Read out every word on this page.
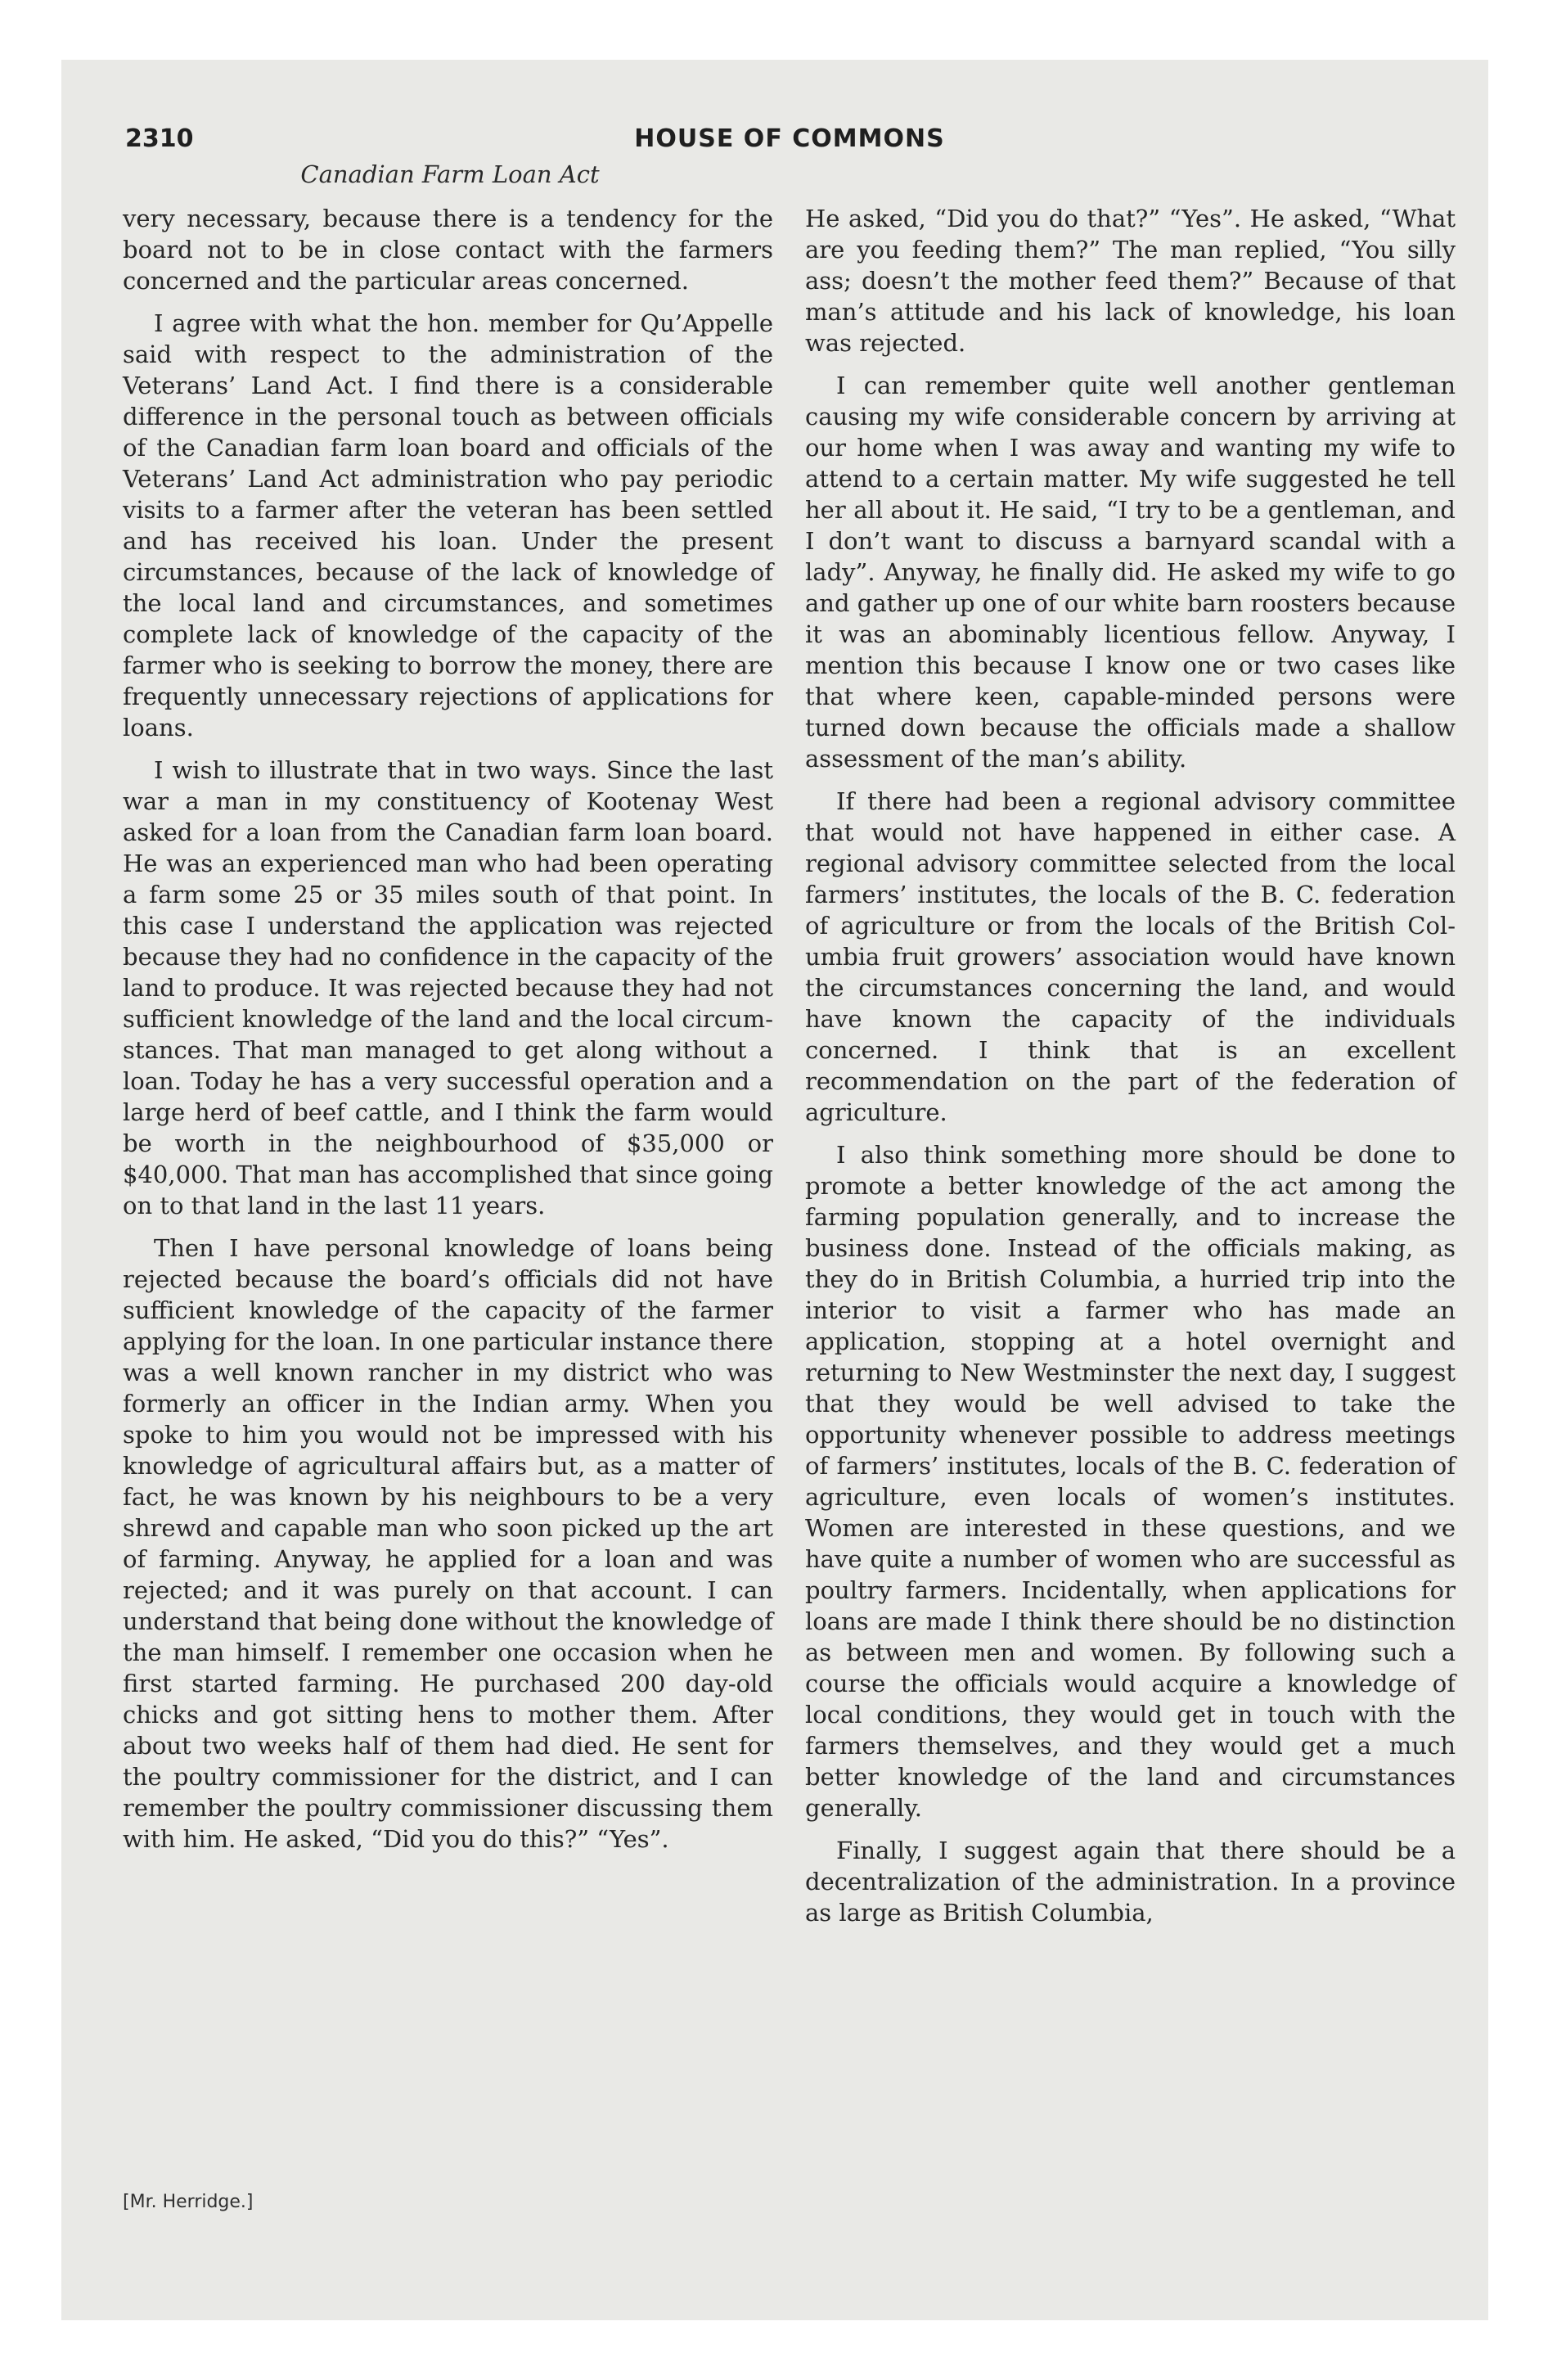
2310	HOUSE OF COMMONS
Canadian Farm Loan Act

very necessary, because there is a tendency for the board not to be in close contact with the farmers concerned and the particular areas concerned.

I agree with what the hon. member for Qu’Appelle said with respect to the administration of the Veterans’ Land Act. I find there is a considerable difference in the personal touch as between officials of the Canadian farm loan board and officials of the Veterans’ Land Act administration who pay periodic visits to a farmer after the veteran has been settled and has received his loan. Under the present circumstances, because of the lack of knowledge of the local land and circumstances, and sometimes complete lack of knowledge of the capacity of the farmer who is seeking to borrow the money, there are frequently unnecessary rejections of applications for loans.

I wish to illustrate that in two ways. Since the last war a man in my constituency of Kootenay West asked for a loan from the Canadian farm loan board. He was an experienced man who had been operating a farm some 25 or 35 miles south of that point. In this case I understand the application was rejected because they had no confidence in the capacity of the land to produce. It was rejected because they had not sufficient knowledge of the land and the local circumstances. That man managed to get along without a loan. Today he has a very successful operation and a large herd of beef cattle, and I think the farm would be worth in the neighbourhood of $35,000 or $40,000. That man has accomplished that since going on to that land in the last 11 years.

Then I have personal knowledge of loans being rejected because the board’s officials did not have sufficient knowledge of the capacity of the farmer applying for the loan. In one particular instance there was a well known rancher in my district who was formerly an officer in the Indian army. When you spoke to him you would not be impressed with his knowledge of agricultural affairs but, as a matter of fact, he was known by his neighbours to be a very shrewd and capable man who soon picked up the art of farming. Anyway, he applied for a loan and was rejected; and it was purely on that account. I can understand that being done without the knowledge of the man himself. I remember one occasion when he first started farming. He purchased 200 day-old chicks and got sitting hens to mother them. After about two weeks half of them had died. He sent for the poultry commissioner for the district, and I can remember the poultry commissioner discussing them with him. He asked, “Did you do this?” “Yes”.

He asked, “Did you do that?” “Yes”. He asked, “What are you feeding them?” The man replied, “You silly ass; doesn’t the mother feed them?” Because of that man’s attitude and his lack of knowledge, his loan was rejected.

I can remember quite well another gentleman causing my wife considerable concern by arriving at our home when I was away and wanting my wife to attend to a certain matter. My wife suggested he tell her all about it. He said, “I try to be a gentleman, and I don’t want to discuss a barnyard scandal with a lady”. Anyway, he finally did. He asked my wife to go and gather up one of our white barn roosters because it was an abominably licentious fellow. Anyway, I mention this because I know one or two cases like that where keen, capable-minded persons were turned down because the officials made a shallow assessment of the man’s ability.

If there had been a regional advisory committee that would not have happened in either case. A regional advisory committee selected from the local farmers’ institutes, the locals of the B. C. federation of agriculture or from the locals of the British Columbia fruit growers’ association would have known the circumstances concerning the land, and would have known the capacity of the individuals concerned. I think that is an excellent recommendation on the part of the federation of agriculture.

I also think something more should be done to promote a better knowledge of the act among the farming population generally, and to increase the business done. Instead of the officials making, as they do in British Columbia, a hurried trip into the interior to visit a farmer who has made an application, stopping at a hotel overnight and returning to New Westminster the next day, I suggest that they would be well advised to take the opportunity whenever possible to address meetings of farmers’ institutes, locals of the B. C. federation of agriculture, even locals of women’s institutes. Women are interested in these questions, and we have quite a number of women who are successful as poultry farmers. Incidentally, when applications for loans are made I think there should be no distinction as between men and women. By following such a course the officials would acquire a knowledge of local conditions, they would get in touch with the farmers themselves, and they would get a much better knowledge of the land and circumstances generally.

Finally, I suggest again that there should be a decentralization of the administration. In a province as large as British Columbia,

[Mr. Herridge.]
